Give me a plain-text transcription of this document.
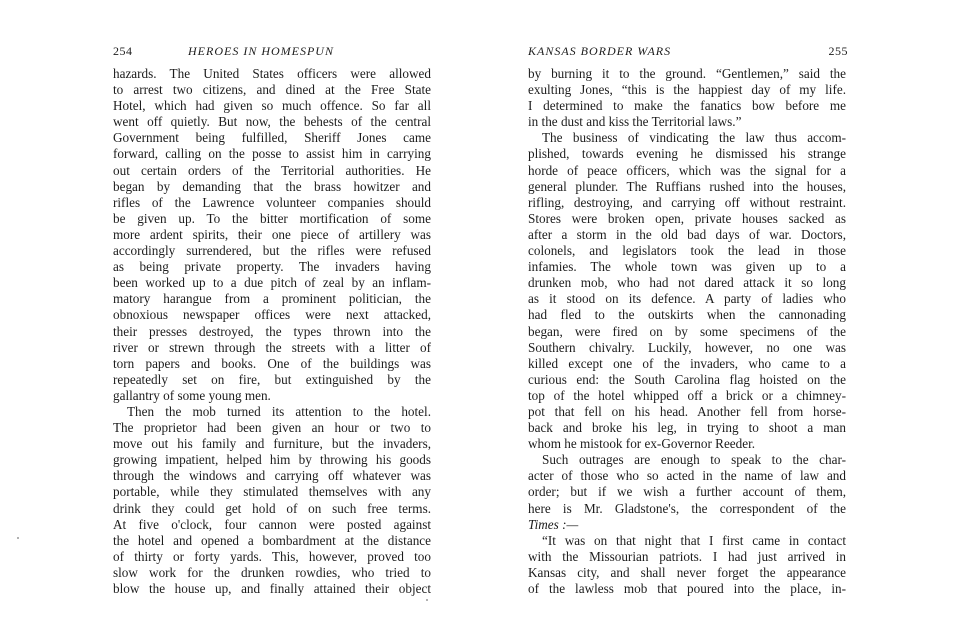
254	HEROES IN HOMESPUN
hazards. The United States officers were allowed
to arrest two citizens, and dined at the Free State
Hotel, which had given so much offence. So far all
went off quietly. But now, the behests of the central
Government being fulfilled, Sheriff Jones came
forward, calling on the posse to assist him in carrying
out certain orders of the Territorial authorities. He
began by demanding that the brass howitzer and
rifles of the Lawrence volunteer companies should
be given up. To the bitter mortification of some
more ardent spirits, their one piece of artillery was
accordingly surrendered, but the rifles were refused
as being private property. The invaders having
been worked up to a due pitch of zeal by an inflam-
matory harangue from a prominent politician, the
obnoxious newspaper offices were next attacked,
their presses destroyed, the types thrown into the
river or strewn through the streets with a litter of
torn papers and books. One of the buildings was
repeatedly set on fire, but extinguished by the
gallantry of some young men.
Then the mob turned its attention to the hotel.
The proprietor had been given an hour or two to
move out his family and furniture, but the invaders,
growing impatient, helped him by throwing his goods
through the windows and carrying off whatever was
portable, while they stimulated themselves with any
drink they could get hold of on such free terms.
At five o'clock, four cannon were posted against
the hotel and opened a bombardment at the distance
of thirty or forty yards. This, however, proved too
slow work for the drunken rowdies, who tried to
blow the house up, and finally attained their object
KANSAS BORDER WARS	255
by burning it to the ground. “Gentlemen,” said the
exulting Jones, “this is the happiest day of my life.
I determined to make the fanatics bow before me
in the dust and kiss the Territorial laws.”
The business of vindicating the law thus accom-
plished, towards evening he dismissed his strange
horde of peace officers, which was the signal for a
general plunder. The Ruffians rushed into the houses,
rifling, destroying, and carrying off without restraint.
Stores were broken open, private houses sacked as
after a storm in the old bad days of war. Doctors,
colonels, and legislators took the lead in those
infamies. The whole town was given up to a
drunken mob, who had not dared attack it so long
as it stood on its defence. A party of ladies who
had fled to the outskirts when the cannonading
began, were fired on by some specimens of the
Southern chivalry. Luckily, however, no one was
killed except one of the invaders, who came to a
curious end: the South Carolina flag hoisted on the
top of the hotel whipped off a brick or a chimney-
pot that fell on his head. Another fell from horse-
back and broke his leg, in trying to shoot a man
whom he mistook for ex-Governor Reeder.
Such outrages are enough to speak to the char-
acter of those who so acted in the name of law and
order; but if we wish a further account of them,
here is Mr. Gladstone's, the correspondent of the
Times :—
“It was on that night that I first came in contact
with the Missourian patriots. I had just arrived in
Kansas city, and shall never forget the appearance
of the lawless mob that poured into the place, in-
